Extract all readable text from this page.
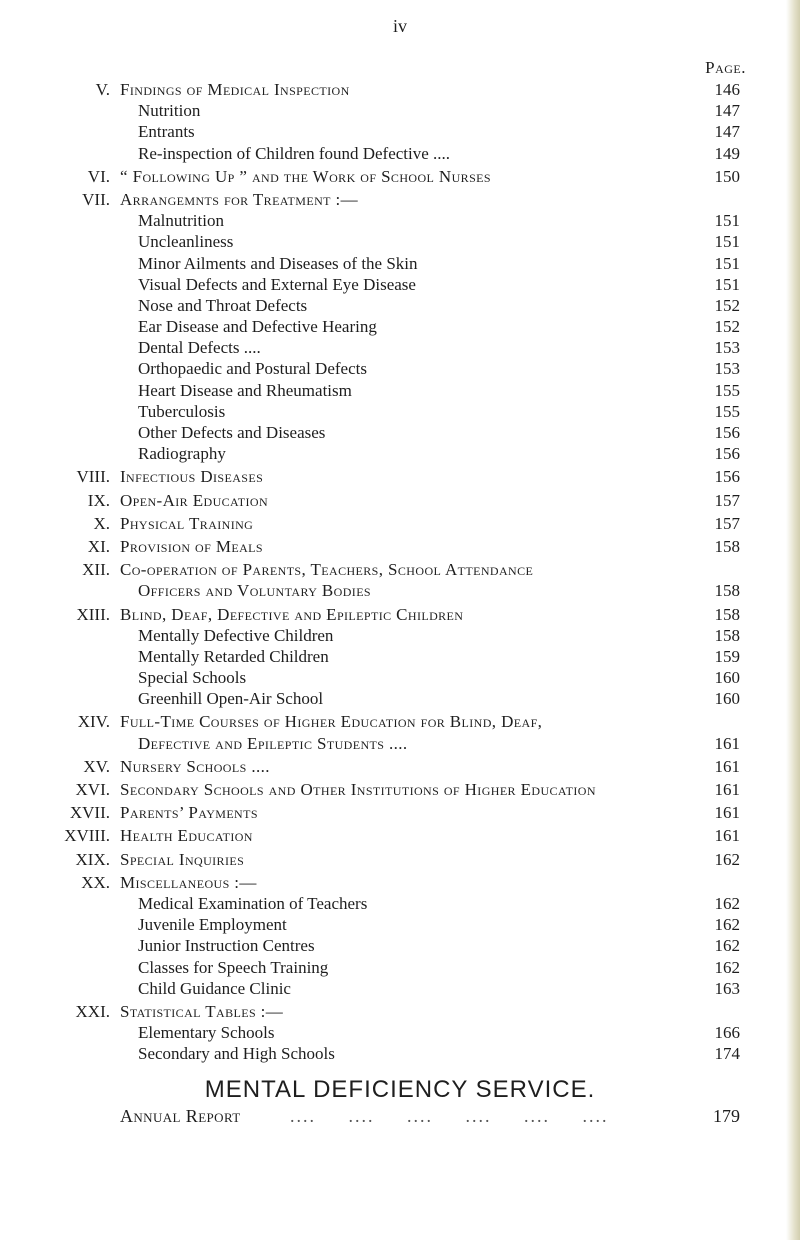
iv
Page.
V. Findings of Medical Inspection	146
Nutrition	147
Entrants	147
Re-inspection of Children found Defective ....	149
VI. “ Following Up ” and the Work of School Nurses	150
VII. Arrangemnts for Treatment :—
Malnutrition	151
Uncleanliness	151
Minor Ailments and Diseases of the Skin	151
Visual Defects and External Eye Disease	151
Nose and Throat Defects	152
Ear Disease and Defective Hearing	152
Dental Defects ....	153
Orthopaedic and Postural Defects	153
Heart Disease and Rheumatism	155
Tuberculosis	155
Other Defects and Diseases	156
Radiography	156
VIII. Infectious Diseases	156
IX. Open-Air Education	157
X. Physical Training	157
XI. Provision of Meals	158
XII. Co-operation of Parents, Teachers, School Attendance
Officers and Voluntary Bodies	158
XIII. Blind, Deaf, Defective and Epileptic Children	158
Mentally Defective Children	158
Mentally Retarded Children	159
Special Schools	160
Greenhill Open-Air School	160
XIV. Full-Time Courses of Higher Education for Blind, Deaf,
Defective and Epileptic Students ....	161
XV. Nursery Schools ....	161
XVI. Secondary Schools and Other Institutions of Higher Education	161
XVII. Parents’ Payments	161
XVIII. Health Education	161
XIX. Special Inquiries	162
XX. Miscellaneous :—
Medical Examination of Teachers	162
Juvenile Employment	162
Junior Instruction Centres	162
Classes for Speech Training	162
Child Guidance Clinic	163
XXI. Statistical Tables :—
Elementary Schools	166
Secondary and High Schools	174
MENTAL DEFICIENCY SERVICE.
Annual Report	....     ....     ....     ....     ....     ....	179
